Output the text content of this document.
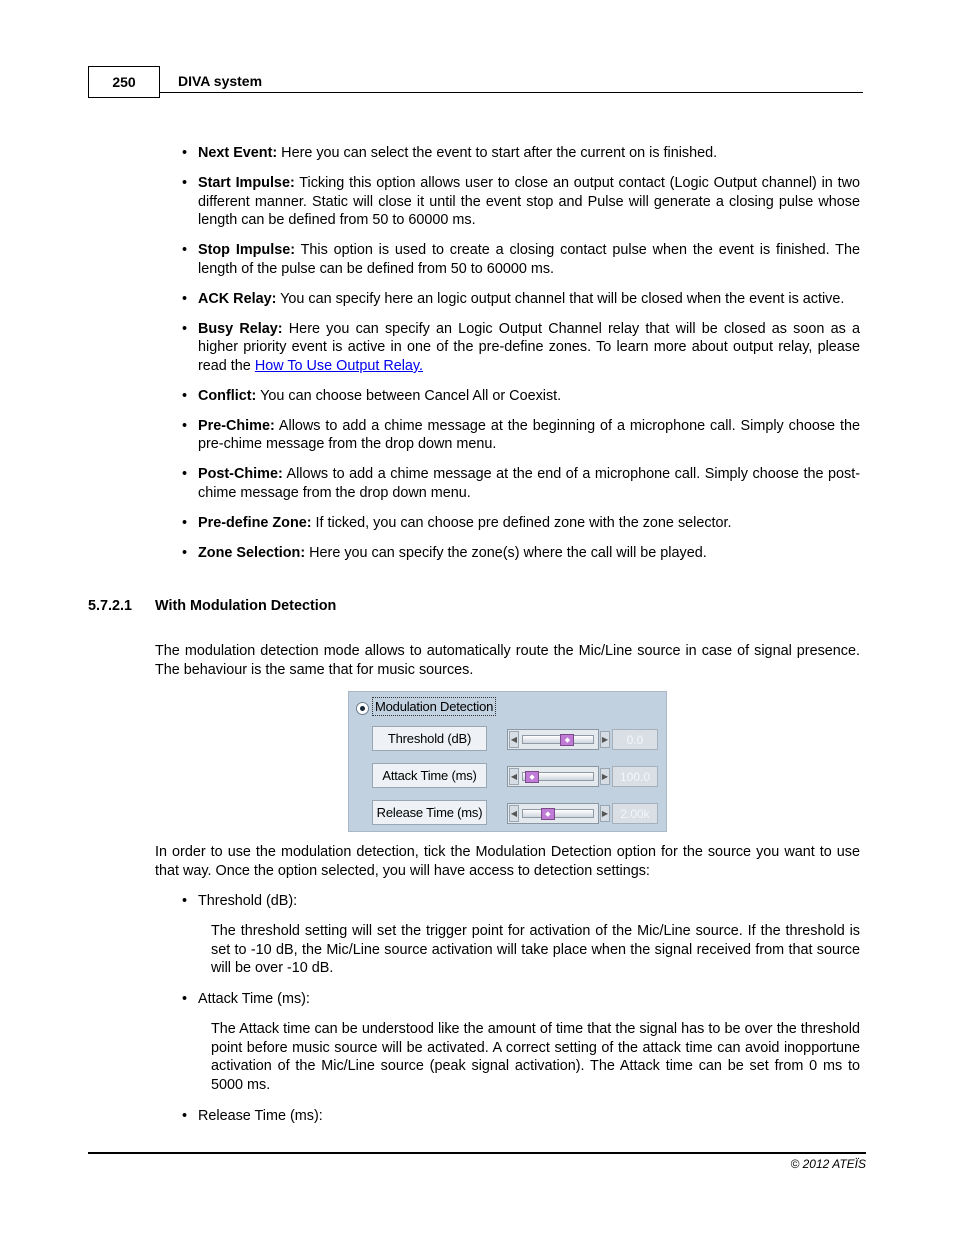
250	DIVA system
• Next Event: Here you can select the event to start after the current on is finished.
• Start Impulse: Ticking this option allows user to close an output contact (Logic Output channel) in two different manner. Static will close it until the event stop and Pulse will generate a closing pulse whose length can be defined from 50 to 60000 ms.
• Stop Impulse: This option is used to create a closing contact pulse when the event is finished. The length of the pulse can be defined from 50 to 60000 ms.
• ACK Relay: You can specify here an logic output channel that will be closed when the event is active.
• Busy Relay: Here you can specify an Logic Output Channel relay that will be closed as soon as a higher priority event is active in one of the pre-define zones. To learn more about output relay, please read the How To Use Output Relay.
• Conflict: You can choose between Cancel All or Coexist.
• Pre-Chime: Allows to add a chime message at the beginning of a microphone call. Simply choose the pre-chime message from the drop down menu.
• Post-Chime: Allows to add a chime message at the end of a microphone call. Simply choose the post-chime message from the drop down menu.
• Pre-define Zone: If ticked, you can choose pre defined zone with the zone selector.
• Zone Selection: Here you can specify the zone(s) where the call will be played.
5.7.2.1 With Modulation Detection
The modulation detection mode allows to automatically route the Mic/Line source in case of signal presence. The behaviour is the same that for music sources.
Modulation Detection
Threshold (dB)	◀	◆	▶	0.0
Attack Time (ms)	◀	◆	▶ 100.0
Release Time (ms)	◀	◆	▶	2.00k
In order to use the modulation detection, tick the Modulation Detection option for the source you want to use that way. Once the option selected, you will have access to detection settings:
• Threshold (dB):
The threshold setting will set the trigger point for activation of the Mic/Line source. If the threshold is set to -10 dB, the Mic/Line source activation will take place when the signal received from that source will be over -10 dB.
• Attack Time (ms):
The Attack time can be understood like the amount of time that the signal has to be over the threshold point before music source will be activated. A correct setting of the attack time can avoid inopportune activation of the Mic/Line source (peak signal activation). The Attack time can be set from 0 ms to 5000 ms.
• Release Time (ms):
© 2012 ATEÏS
